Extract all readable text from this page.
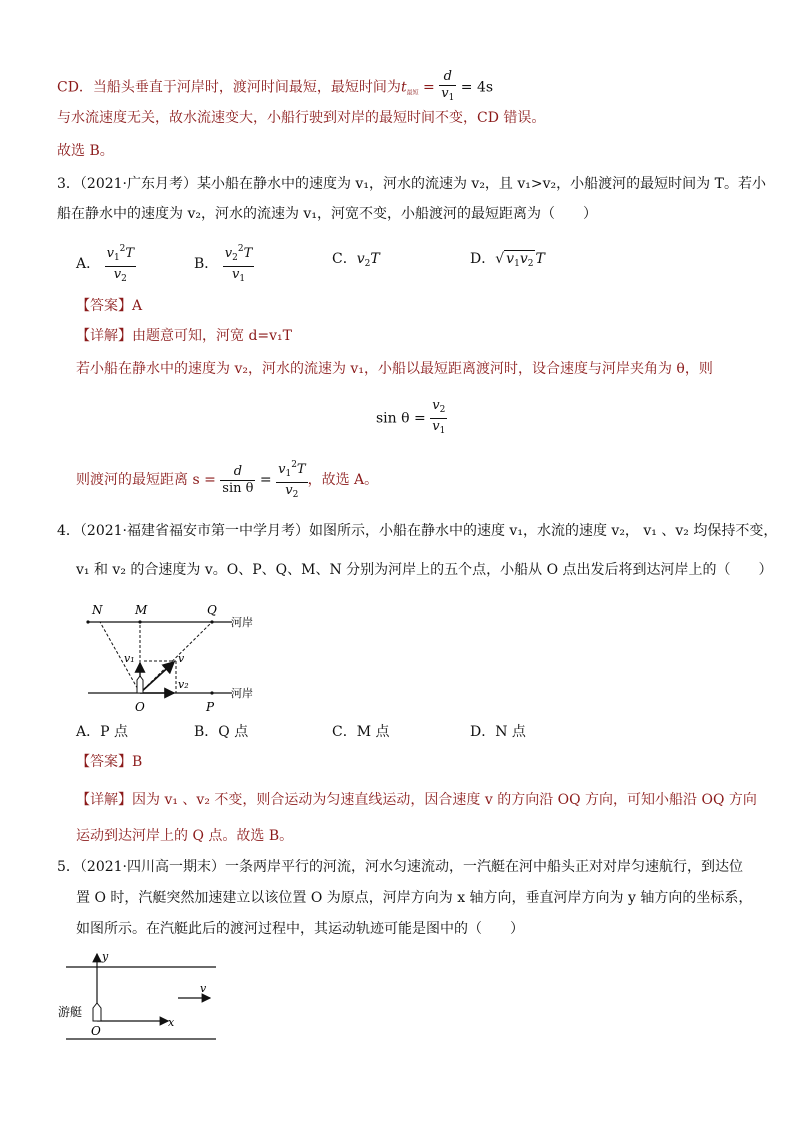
CD．当船头垂直于河岸时，渡河时间最短，最短时间为$t_{最短} = \frac{d}{v_1} = 4s$
与水流速度无关，故水流速变大，小船行驶到对岸的最短时间不变，CD 错误。
故选 B。
3．（2021·广东月考）某小船在静水中的速度为 v₁，河水的流速为 v₂，且 v₁>v₂，小船渡河的最短时间为 T。若小
船在静水中的速度为 v₂，河水的流速为 v₁，河宽不变，小船渡河的最短距离为（　　）
A． $\frac{v_1^2T}{v_2}$	B． $\frac{v_2^2T}{v_1}$	C．$v_2T$	D．√ $v_1v_2$ T
【答案】A
【详解】由题意可知，河宽 d=v₁T
若小船在静水中的速度为 v₂，河水的流速为 v₁，小船以最短距离渡河时，设合速度与河岸夹角为 θ，则
$\sin \theta = \frac{v_2}{v_1}$
则渡河的最短距离 $s = \frac{d}{\text{sin θ}} = \frac{v_1^2T}{v_2}$ ，故选 A。
4．（2021·福建省福安市第一中学月考）如图所示，小船在静水中的速度 v₁，水流的速度 v₂， v₁ 、v₂ 均保持不变，
v₁ 和 v₂ 的合速度为 v。O、P、Q、M、N 分别为河岸上的五个点，小船从 O 点出发后将到达河岸上的（　　）
N	M	Q
河岸
河岸
v₁	v
v₂
O	P
A．P 点	B．Q 点	C．M 点	D．N 点
【答案】B
【详解】因为 v₁ 、v₂ 不变，则合运动为匀速直线运动，因合速度 v 的方向沿 OQ 方向，可知小船沿 OQ 方向
运动到达河岸上的 Q 点。故选 B。
5．（2021·四川高一期末）一条两岸平行的河流，河水匀速流动，一汽艇在河中船头正对对岸匀速航行，到达位
置 O 时，汽艇突然加速建立以该位置 O 为原点，河岸方向为 x 轴方向，垂直河岸方向为 y 轴方向的坐标系，
如图所示。在汽艇此后的渡河过程中，其运动轨迹可能是图中的（　　）
y
游艇
O
x
v
